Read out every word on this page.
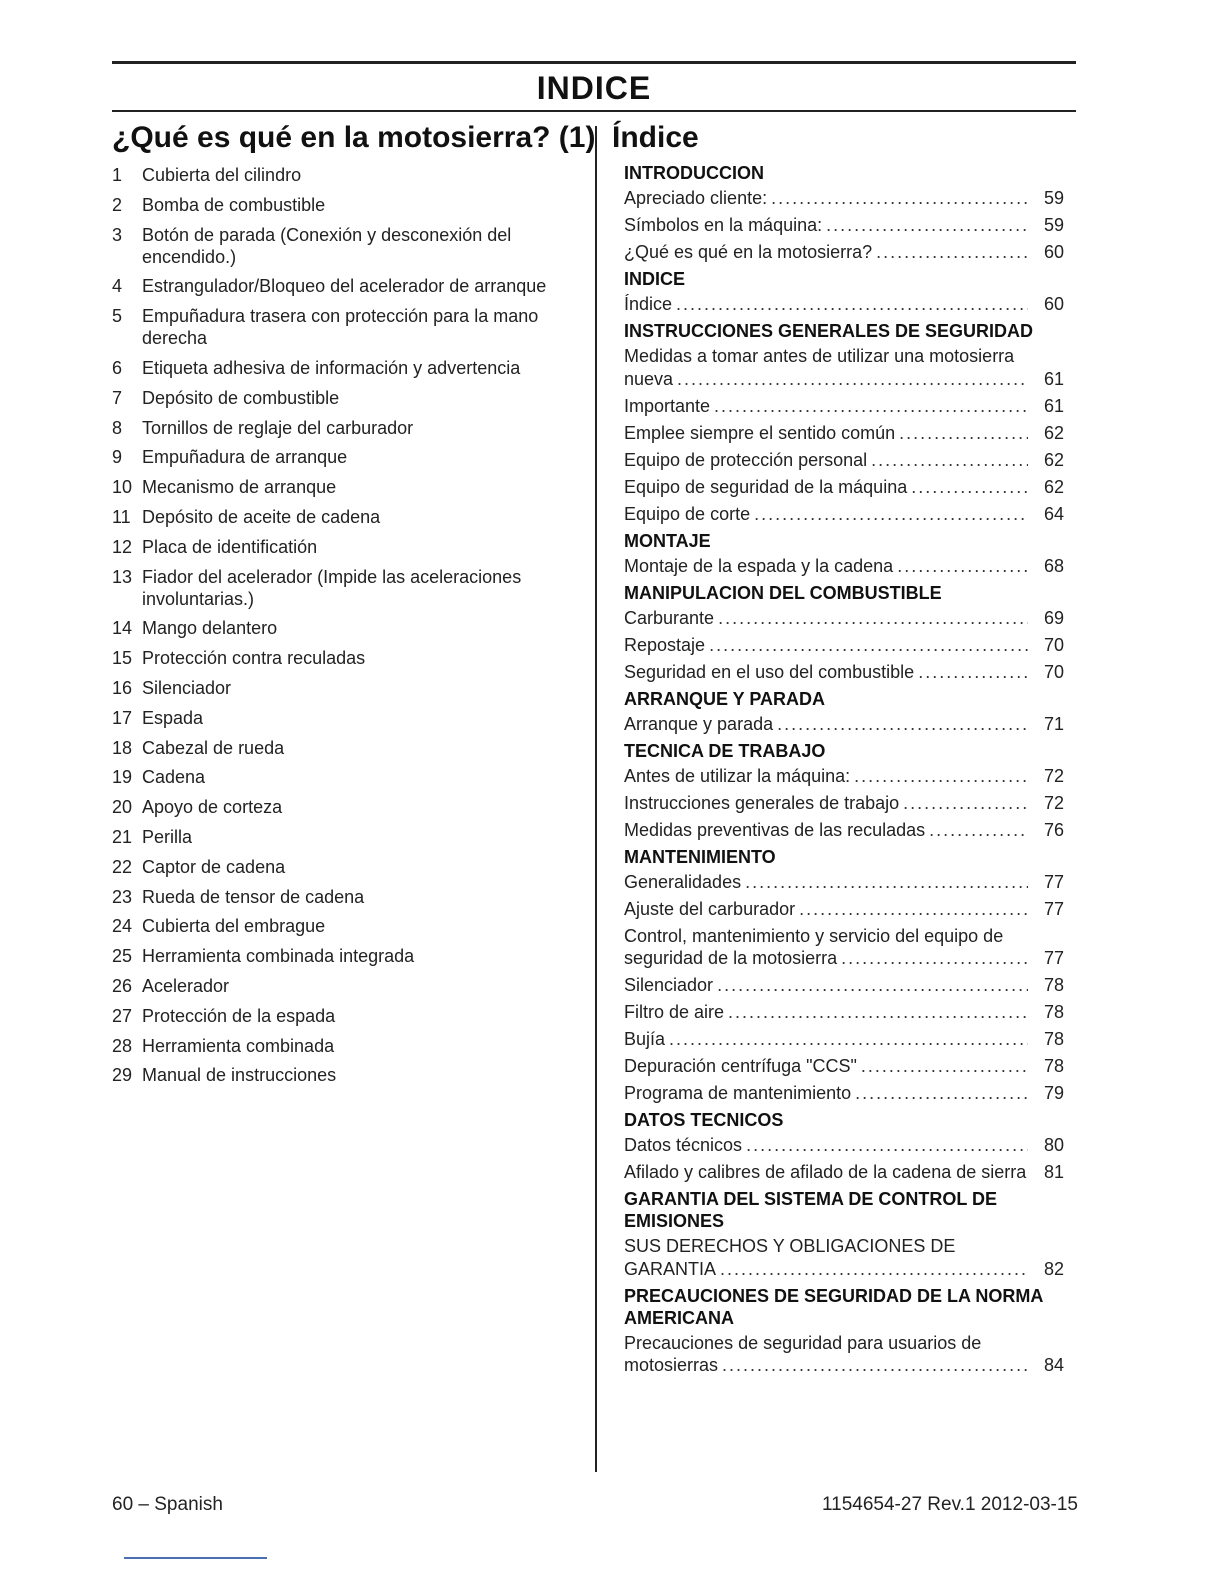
INDICE
¿Qué es qué en la motosierra? (1)
1	Cubierta del cilindro
2	Bomba de combustible
3	Botón de parada (Conexión y desconexión del encendido.)
4	Estrangulador/Bloqueo del acelerador de arranque
5	Empuñadura trasera con protección para la mano derecha
6	Etiqueta adhesiva de información y advertencia
7	Depósito de combustible
8	Tornillos de reglaje del carburador
9	Empuñadura de arranque
10 Mecanismo de arranque
11 Depósito de aceite de cadena
12 Placa de identificatión
13 Fiador del acelerador (Impide las aceleraciones involuntarias.)
14 Mango delantero
15 Protección contra reculadas
16 Silenciador
17 Espada
18 Cabezal de rueda
19 Cadena
20 Apoyo de corteza
21 Perilla
22 Captor de cadena
23 Rueda de tensor de cadena
24 Cubierta del embrague
25 Herramienta combinada integrada
26 Acelerador
27 Protección de la espada
28 Herramienta combinada
29 Manual de instrucciones
Índice
INTRODUCCION
Apreciado cliente: .....	59
Símbolos en la máquina: .....	59
¿Qué es qué en la motosierra? .....	60
INDICE
Índice .....	60
INSTRUCCIONES GENERALES DE SEGURIDAD
Medidas a tomar antes de utilizar una motosierra
nueva .....	61
Importante .....	61
Emplee siempre el sentido común .....	62
Equipo de protección personal .....	62
Equipo de seguridad de la máquina .....	62
Equipo de corte .....	64
MONTAJE
Montaje de la espada y la cadena .....	68
MANIPULACION DEL COMBUSTIBLE
Carburante .....	69
Repostaje .....	70
Seguridad en el uso del combustible .....	70
ARRANQUE Y PARADA
Arranque y parada .....	71
TECNICA DE TRABAJO
Antes de utilizar la máquina: .....	72
Instrucciones generales de trabajo .....	72
Medidas preventivas de las reculadas .....	76
MANTENIMIENTO
Generalidades .....	77
Ajuste del carburador .....	77
Control, mantenimiento y servicio del equipo de
seguridad de la motosierra .....	77
Silenciador .....	78
Filtro de aire .....	78
Bujía .....	78
Depuración centrífuga "CCS" .....	78
Programa de mantenimiento .....	79
DATOS TECNICOS
Datos técnicos .....	80
Afilado y calibres de afilado de la cadena de sierra 81
GARANTIA DEL SISTEMA DE CONTROL DE EMISIONES
SUS DERECHOS Y OBLIGACIONES DE
GARANTIA .....	82
PRECAUCIONES DE SEGURIDAD DE LA NORMA AMERICANA
Precauciones de seguridad para usuarios de
motosierras .....	84
60 – Spanish	1154654-27 Rev.1 2012-03-15
